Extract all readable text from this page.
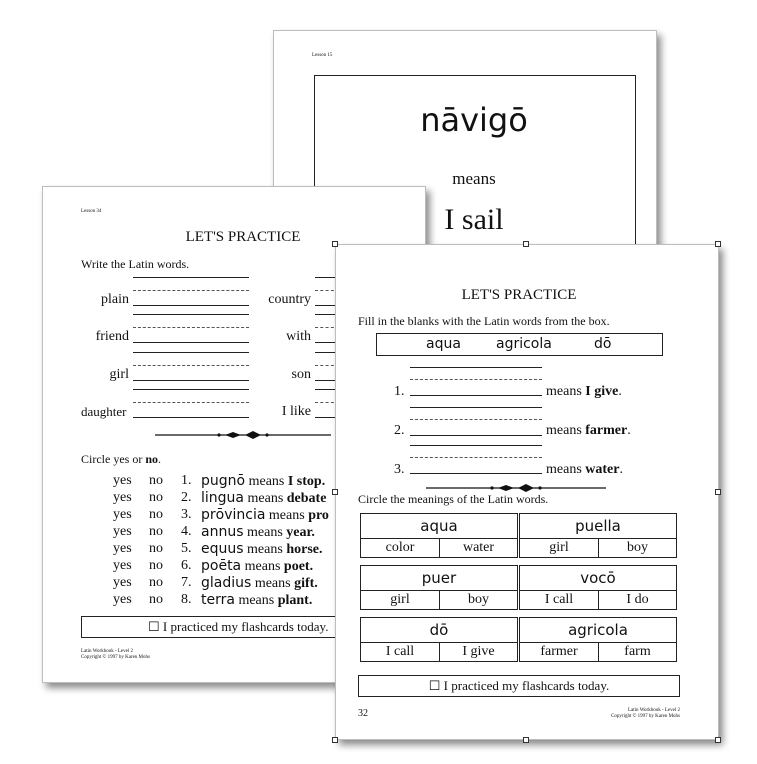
Lesson 15
nāvigō
means
I sail
Lesson 34
LET'S PRACTICE
Write the Latin words.
plain
friend
girl
daughter
country
with
son
I like
Circle yes or no.
yes no 1. pugnō means I stop.
yes no 2. lingua means debate
yes no 3. prōvincia means pro
yes no 4. annus means year.
yes no 5. equus means horse.
yes no 6. poēta means poet.
yes no 7. gladius means gift.
yes no 8. terra means plant.
☐ I practiced my flashcards today.
Latin Workbook - Level 2
Copyright © 1997 by Karen Mohs
LET'S PRACTICE
Fill in the blanks with the Latin words from the box.
aqua	agricola	dō
1.	means I give.
2.	means farmer.
3.	means water.
Circle the meanings of the Latin words.
aqua
color	water
puella
girl	boy
puer
girl	boy
vocō
I call	I do
dō
I call	I give
agricola
farmer	farm
☐ I practiced my flashcards today.
32	Latin Workbook - Level 2
Copyright © 1997 by Karen Mohs
